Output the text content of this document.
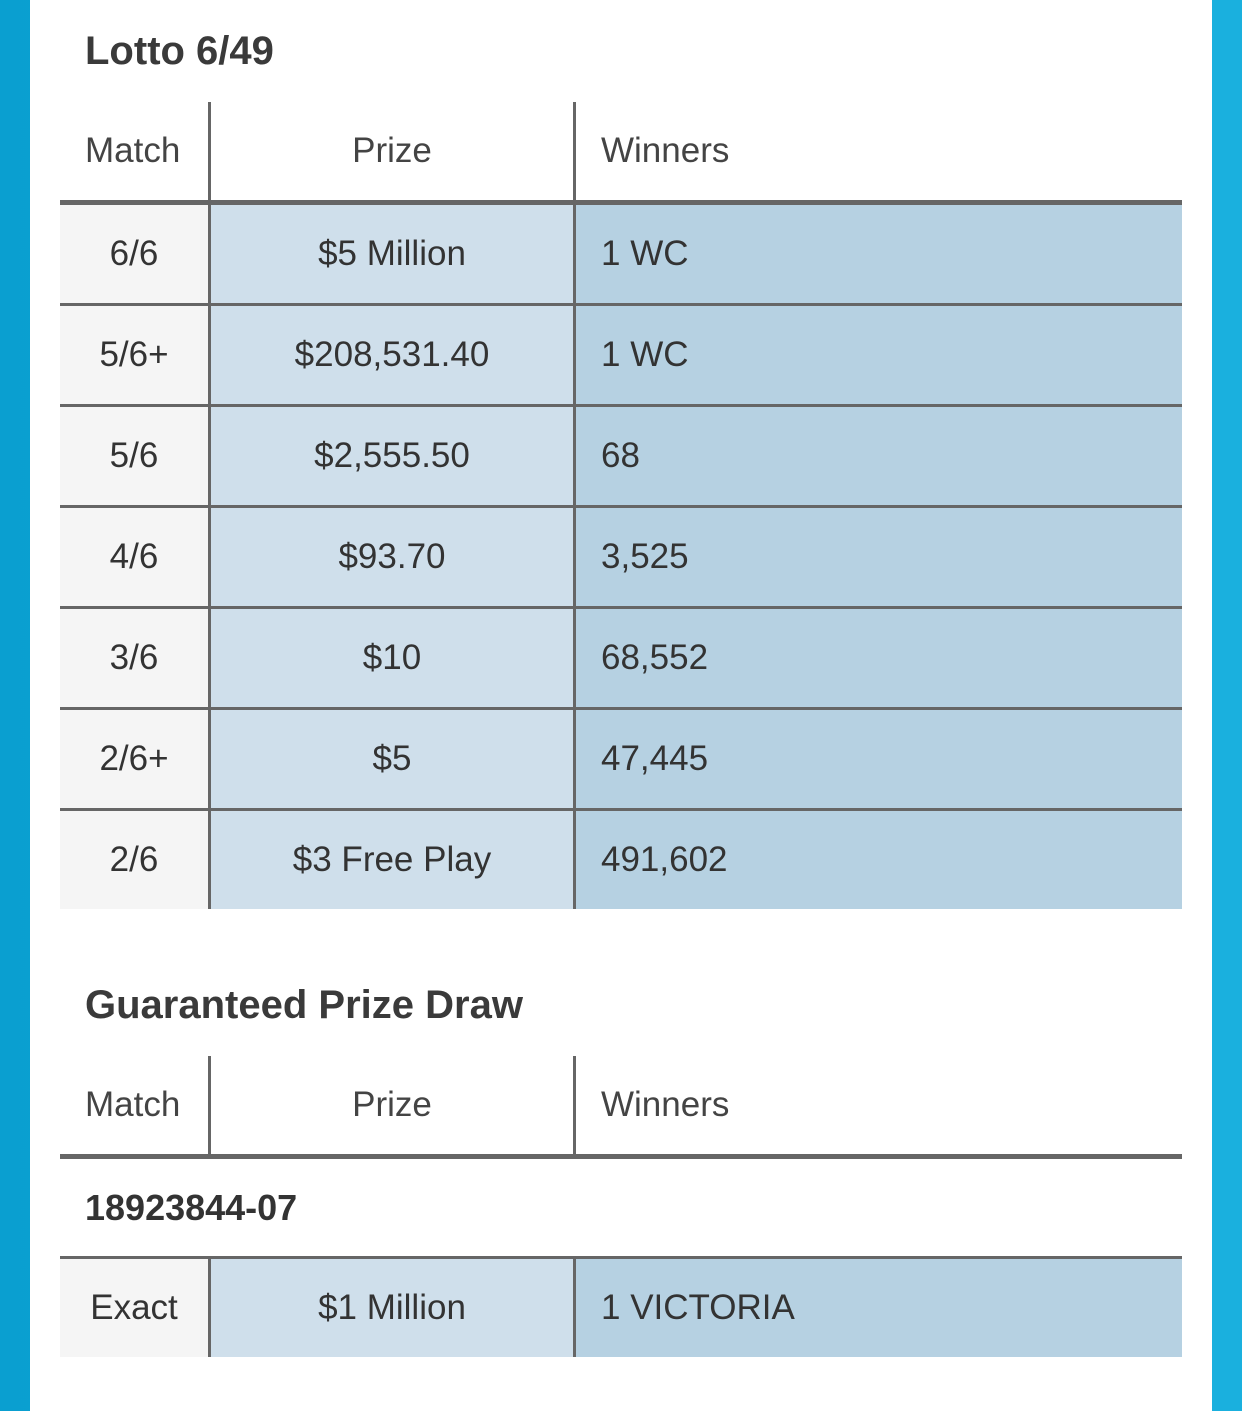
Lotto 6/49
Match	Prize	Winners
6/6	$5 Million	1 WC
5/6+	$208,531.40	1 WC
5/6	$2,555.50	68
4/6	$93.70	3,525
3/6	$10	68,552
2/6+	$5	47,445
2/6	$3 Free Play	491,602
Guaranteed Prize Draw
Match	Prize	Winners
18923844-07
Exact	$1 Million	1 VICTORIA
